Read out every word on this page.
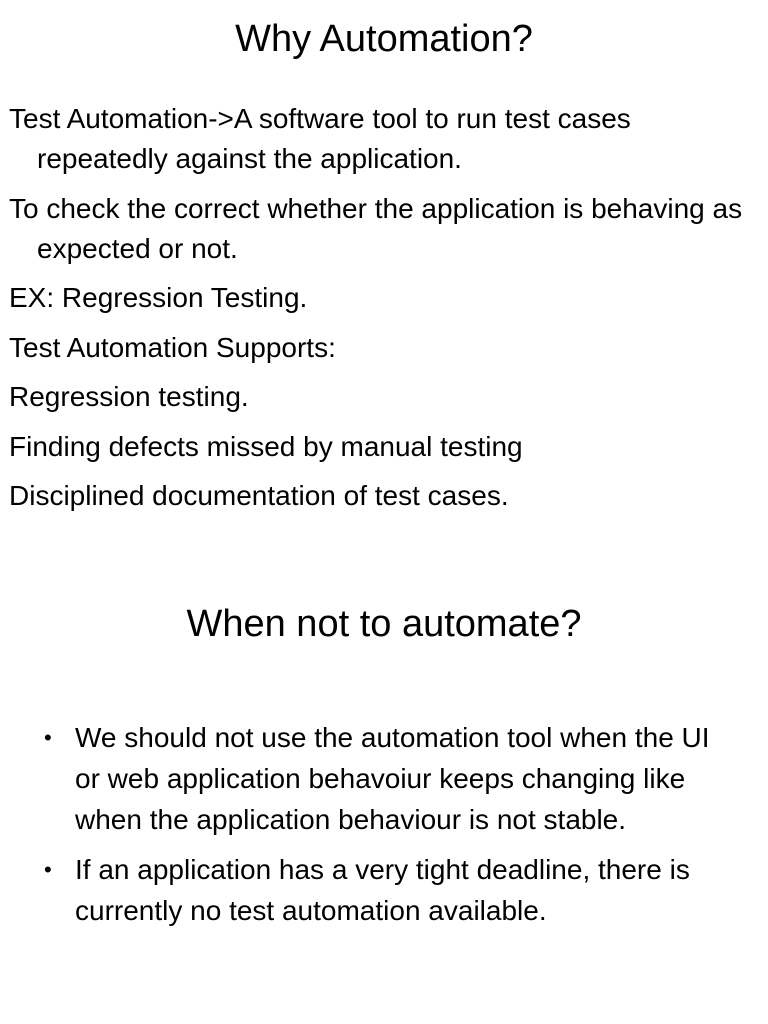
Why Automation?
Test Automation->A software tool to run test cases repeatedly against the application.
To check the correct whether the application is behaving as expected or not.
EX: Regression Testing.
Test Automation Supports:
Regression testing.
Finding defects missed by manual testing
Disciplined documentation of test cases.
When not to automate?
• We should not use the automation tool when the UI or web application behavoiur keeps changing like when the application behaviour is not stable.
• If an application has a very tight deadline, there is currently no test automation available.
